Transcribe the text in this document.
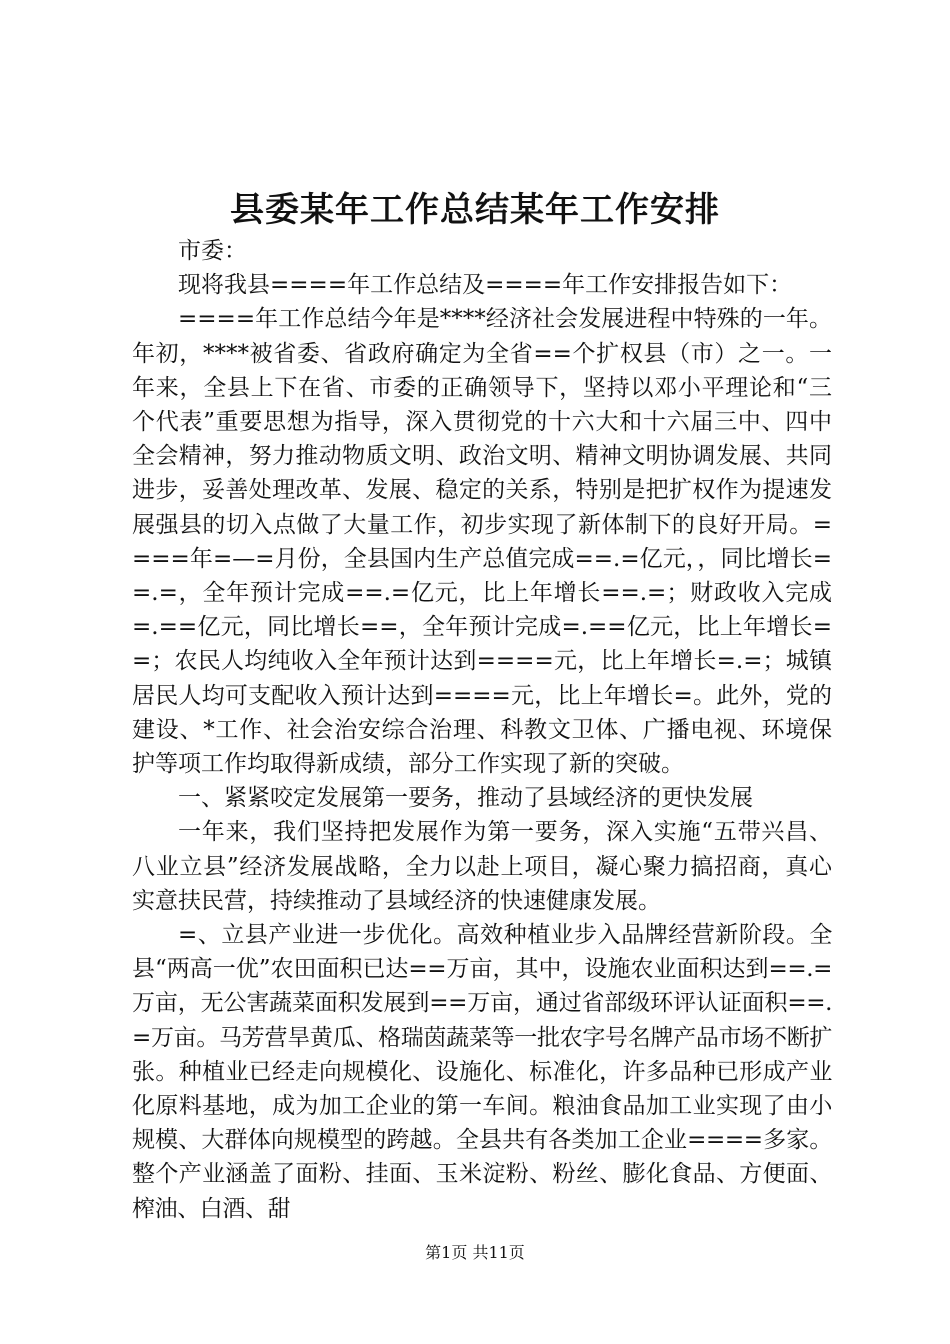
县委某年工作总结某年工作安排

市委：

现将我县====年工作总结及====年工作安排报告如下：

====年工作总结今年是****经济社会发展进程中特殊的一年。年初，****被省委、省政府确定为全省==个扩权县（市）之一。一年来，全县上下在省、市委的正确领导下，坚持以邓小平理论和“三个代表”重要思想为指导，深入贯彻党的十六大和十六届三中、四中全会精神，努力推动物质文明、政治文明、精神文明协调发展、共同进步，妥善处理改革、发展、稳定的关系，特别是把扩权作为提速发展强县的切入点做了大量工作，初步实现了新体制下的良好开局。====年=—=月份，全县国内生产总值完成==.=亿元，，同比增长==.=，全年预计完成==.=亿元，比上年增长==.=；财政收入完成=.==亿元，同比增长==，全年预计完成=.==亿元，比上年增长==；农民人均纯收入全年预计达到====元，比上年增长=.=；城镇居民人均可支配收入预计达到====元，比上年增长=。此外，党的建设、*工作、社会治安综合治理、科教文卫体、广播电视、环境保护等项工作均取得新成绩，部分工作实现了新的突破。

一、紧紧咬定发展第一要务，推动了县域经济的更快发展

一年来，我们坚持把发展作为第一要务，深入实施“五带兴昌、八业立县”经济发展战略，全力以赴上项目，凝心聚力搞招商，真心实意扶民营，持续推动了县域经济的快速健康发展。

=、立县产业进一步优化。高效种植业步入品牌经营新阶段。全县“两高一优”农田面积已达==万亩，其中，设施农业面积达到==.=万亩，无公害蔬菜面积发展到==万亩，通过省部级环评认证面积==.=万亩。马芳营旱黄瓜、格瑞茵蔬菜等一批农字号名牌产品市场不断扩张。种植业已经走向规模化、设施化、标准化，许多品种已形成产业化原料基地，成为加工企业的第一车间。粮油食品加工业实现了由小规模、大群体向规模型的跨越。全县共有各类加工企业====多家。整个产业涵盖了面粉、挂面、玉米淀粉、粉丝、膨化食品、方便面、榨油、白酒、甜

第1页 共11页
